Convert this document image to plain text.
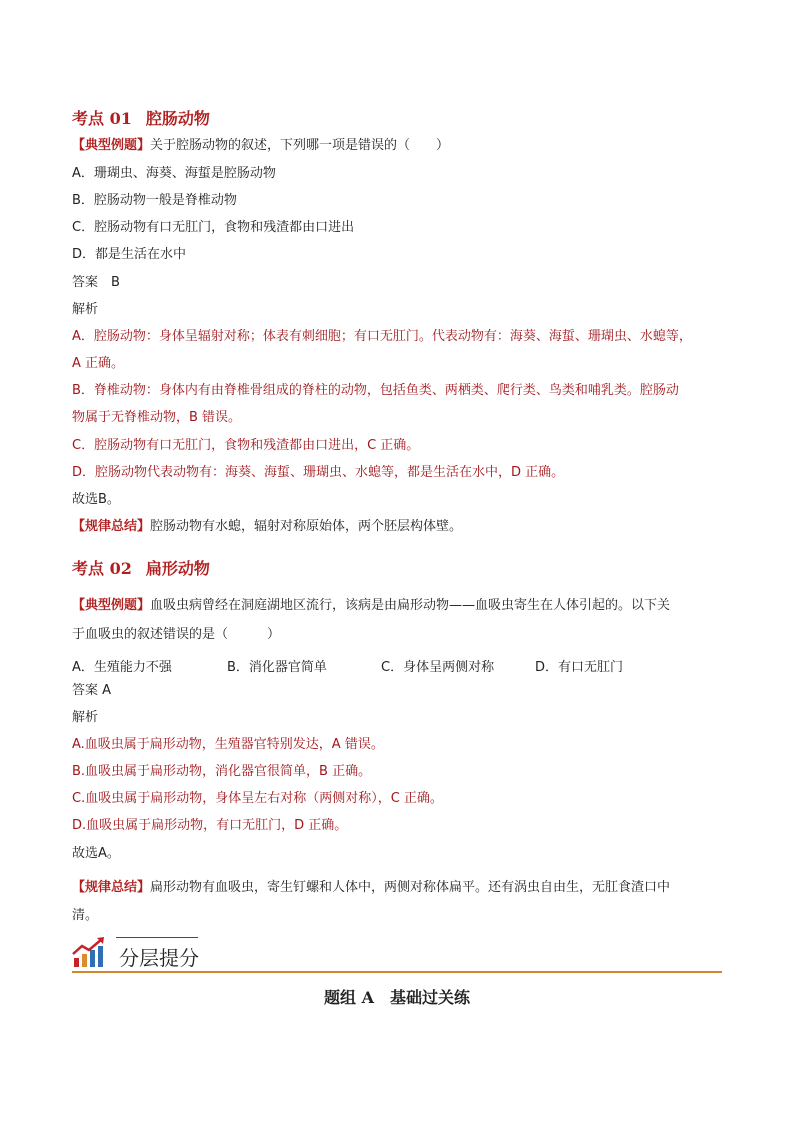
考点 01 腔肠动物
【典型例题】关于腔肠动物的叙述，下列哪一项是错误的（　　）
A．珊瑚虫、海葵、海蜇是腔肠动物
B．腔肠动物一般是脊椎动物
C．腔肠动物有口无肛门，食物和残渣都由口进出
D．都是生活在水中
答案　B
解析
A．腔肠动物：身体呈辐射对称；体表有刺细胞；有口无肛门。代表动物有：海葵、海蜇、珊瑚虫、水螅等，
A 正确。
B．脊椎动物：身体内有由脊椎骨组成的脊柱的动物，包括鱼类、两栖类、爬行类、鸟类和哺乳类。腔肠动
物属于无脊椎动物，B 错误。
C．腔肠动物有口无肛门，食物和残渣都由口进出，C 正确。
D．腔肠动物代表动物有：海葵、海蜇、珊瑚虫、水螅等，都是生活在水中，D 正确。
故选B。
【规律总结】腔肠动物有水螅，辐射对称原始体，两个胚层构体壁。
考点 02 扁形动物
【典型例题】血吸虫病曾经在洞庭湖地区流行，该病是由扁形动物——血吸虫寄生在人体引起的。以下关
于血吸虫的叙述错误的是（　　　）
A．生殖能力不强	B．消化器官简单	C．身体呈两侧对称	D．有口无肛门
答案 A
解析
A.血吸虫属于扁形动物，生殖器官特别发达，A 错误。
B.血吸虫属于扁形动物，消化器官很简单，B 正确。
C.血吸虫属于扁形动物，身体呈左右对称（两侧对称），C 正确。
D.血吸虫属于扁形动物，有口无肛门，D 正确。
故选A。
【规律总结】扁形动物有血吸虫，寄生钉螺和人体中，两侧对称体扁平。还有涡虫自由生，无肛食渣口中
清。
分层提分
题组 A　基础过关练
